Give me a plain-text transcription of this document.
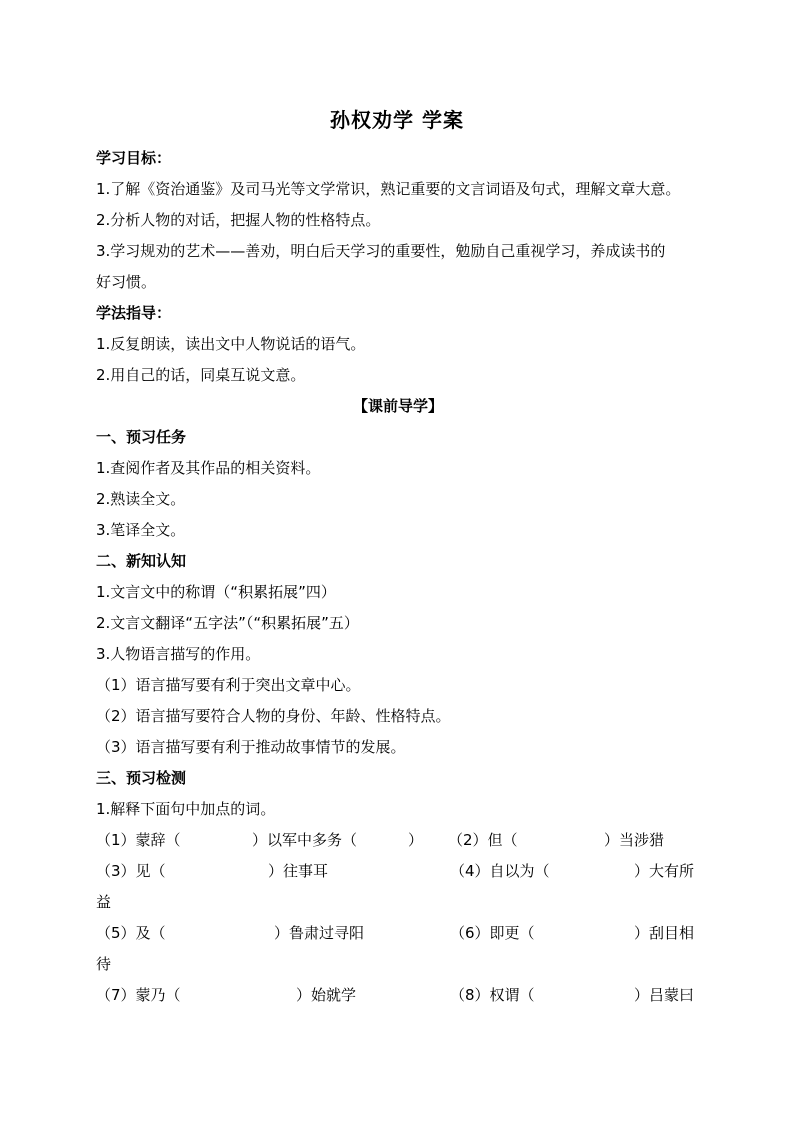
孙权劝学 学案
学习目标：
1.了解《资治通鉴》及司马光等文学常识，熟记重要的文言词语及句式，理解文章大意。
2.分析人物的对话，把握人物的性格特点。
3.学习规劝的艺术——善劝，明白后天学习的重要性，勉励自己重视学习，养成读书的
好习惯。
学法指导：
1.反复朗读，读出文中人物说话的语气。
2.用自己的话，同桌互说文意。
【课前导学】
一、预习任务
1.查阅作者及其作品的相关资料。
2.熟读全文。
3.笔译全文。
二、新知认知
1.文言文中的称谓（“积累拓展”四）
2.文言文翻译“五字法”（“积累拓展”五）
3.人物语言描写的作用。
（1）语言描写要有利于突出文章中心。
（2）语言描写要符合人物的身份、年龄、性格特点。
（3）语言描写要有利于推动故事情节的发展。
三、预习检测
1.解释下面句中加点的词。
（1）蒙辞（	）以军中多务（	）	（2）但（	）当涉猎
（3）见（	）往事耳	（4）自以为（	）大有所
益
（5）及（	）鲁肃过寻阳	（6）即更（	）刮目相
待
（7）蒙乃（	）始就学	（8）权谓（	）吕蒙曰
